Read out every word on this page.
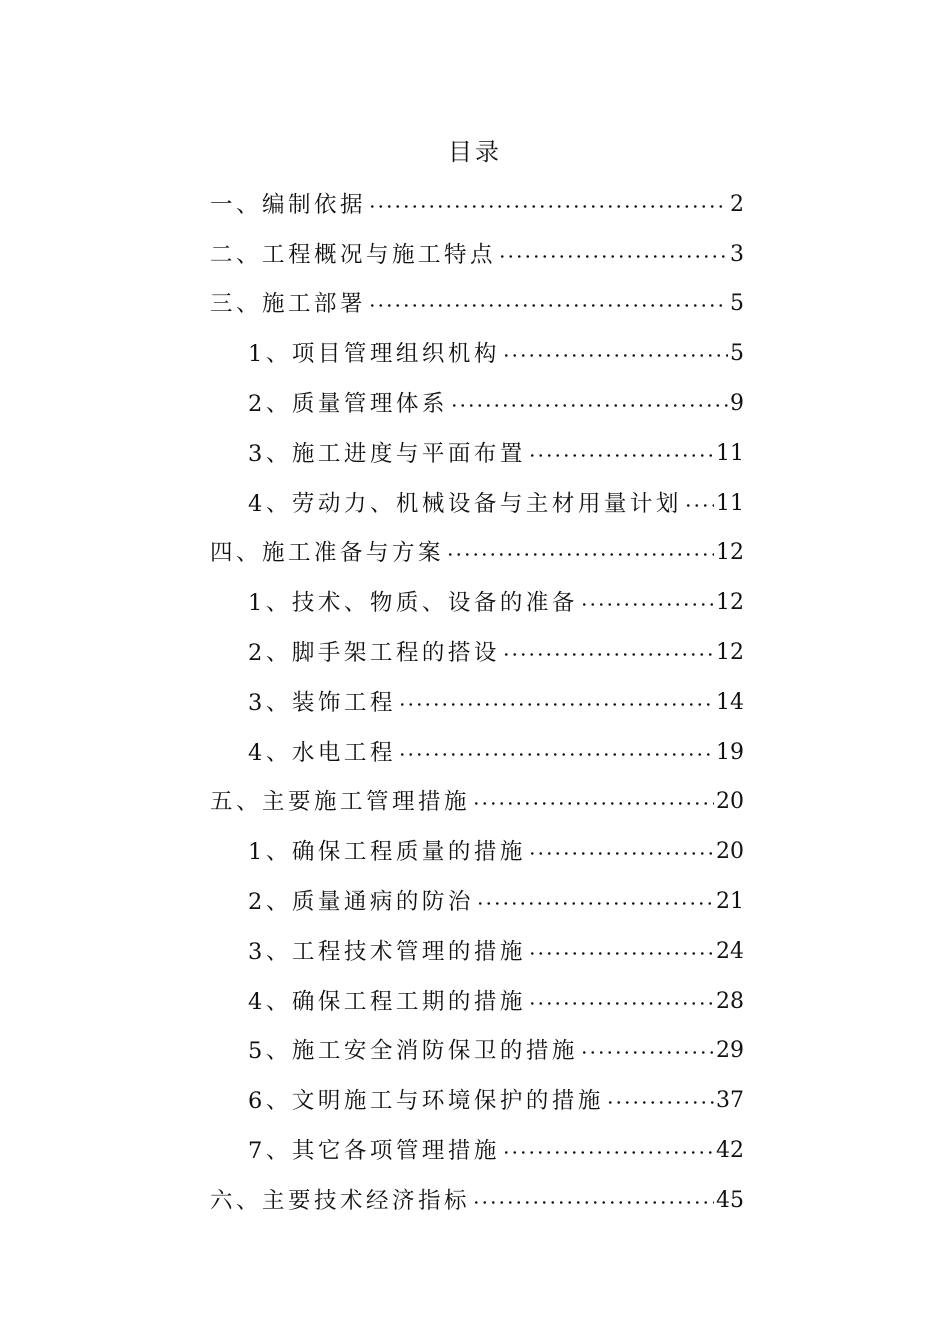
目录
一、编制依据	2
二、工程概况与施工特点	3
三、施工部署	5
1、项目管理组织机构	5
2、质量管理体系	9
3、施工进度与平面布置	11
4、劳动力、机械设备与主材用量计划 11
四、施工准备与方案	12
1、技术、物质、设备的准备	12
2、脚手架工程的搭设	12
3、装饰工程	14
4、水电工程	19
五、主要施工管理措施	20
1、确保工程质量的措施	20
2、质量通病的防治	21
3、工程技术管理的措施	24
4、确保工程工期的措施	28
5、施工安全消防保卫的措施	29
6、文明施工与环境保护的措施	37
7、其它各项管理措施	42
六、主要技术经济指标	45
